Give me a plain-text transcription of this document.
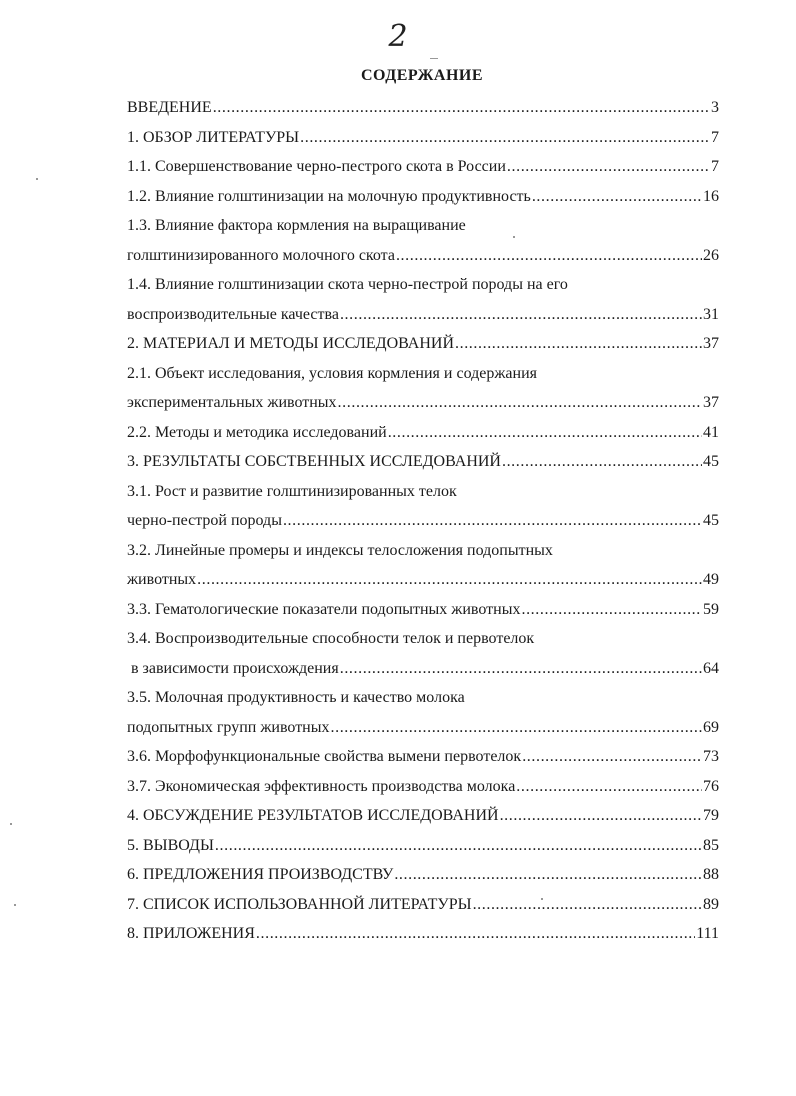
2
СОДЕРЖАНИЕ
ВВЕДЕНИЕ .....	3
1. ОБЗОР ЛИТЕРАТУРЫ .....	7
1.1. Совершенствование черно-пестрого скота в России .....	7
1.2. Влияние голштинизации на молочную продуктивность .....	16
1.3. Влияние фактора кормления на выращивание
голштинизированного молочного скота .....	26
1.4. Влияние голштинизации скота черно-пестрой породы на его
воспроизводительные качества .....	31
2. МАТЕРИАЛ И МЕТОДЫ ИССЛЕДОВАНИЙ .....	37
2.1. Объект исследования, условия кормления и содержания
экспериментальных животных .....	37
2.2. Методы и методика исследований .....	41
3. РЕЗУЛЬТАТЫ СОБСТВЕННЫХ ИССЛЕДОВАНИЙ .....	45
3.1. Рост и развитие голштинизированных телок
черно-пестрой породы .....	45
3.2. Линейные промеры и индексы телосложения подопытных
животных .....	49
3.3. Гематологические показатели подопытных животных .....	59
3.4. Воспроизводительные способности телок и первотелок
в зависимости происхождения .....	64
3.5. Молочная продуктивность и качество молока
подопытных групп животных .....	69
3.6. Морфофункциональные свойства вымени первотелок .....	73
3.7. Экономическая эффективность производства молока .....	76
4. ОБСУЖДЕНИЕ РЕЗУЛЬТАТОВ ИССЛЕДОВАНИЙ .....	79
5. ВЫВОДЫ .....	85
6. ПРЕДЛОЖЕНИЯ ПРОИЗВОДСТВУ .....	88
7. СПИСОК ИСПОЛЬЗОВАННОЙ ЛИТЕРАТУРЫ .....	89
8. ПРИЛОЖЕНИЯ .....	111
